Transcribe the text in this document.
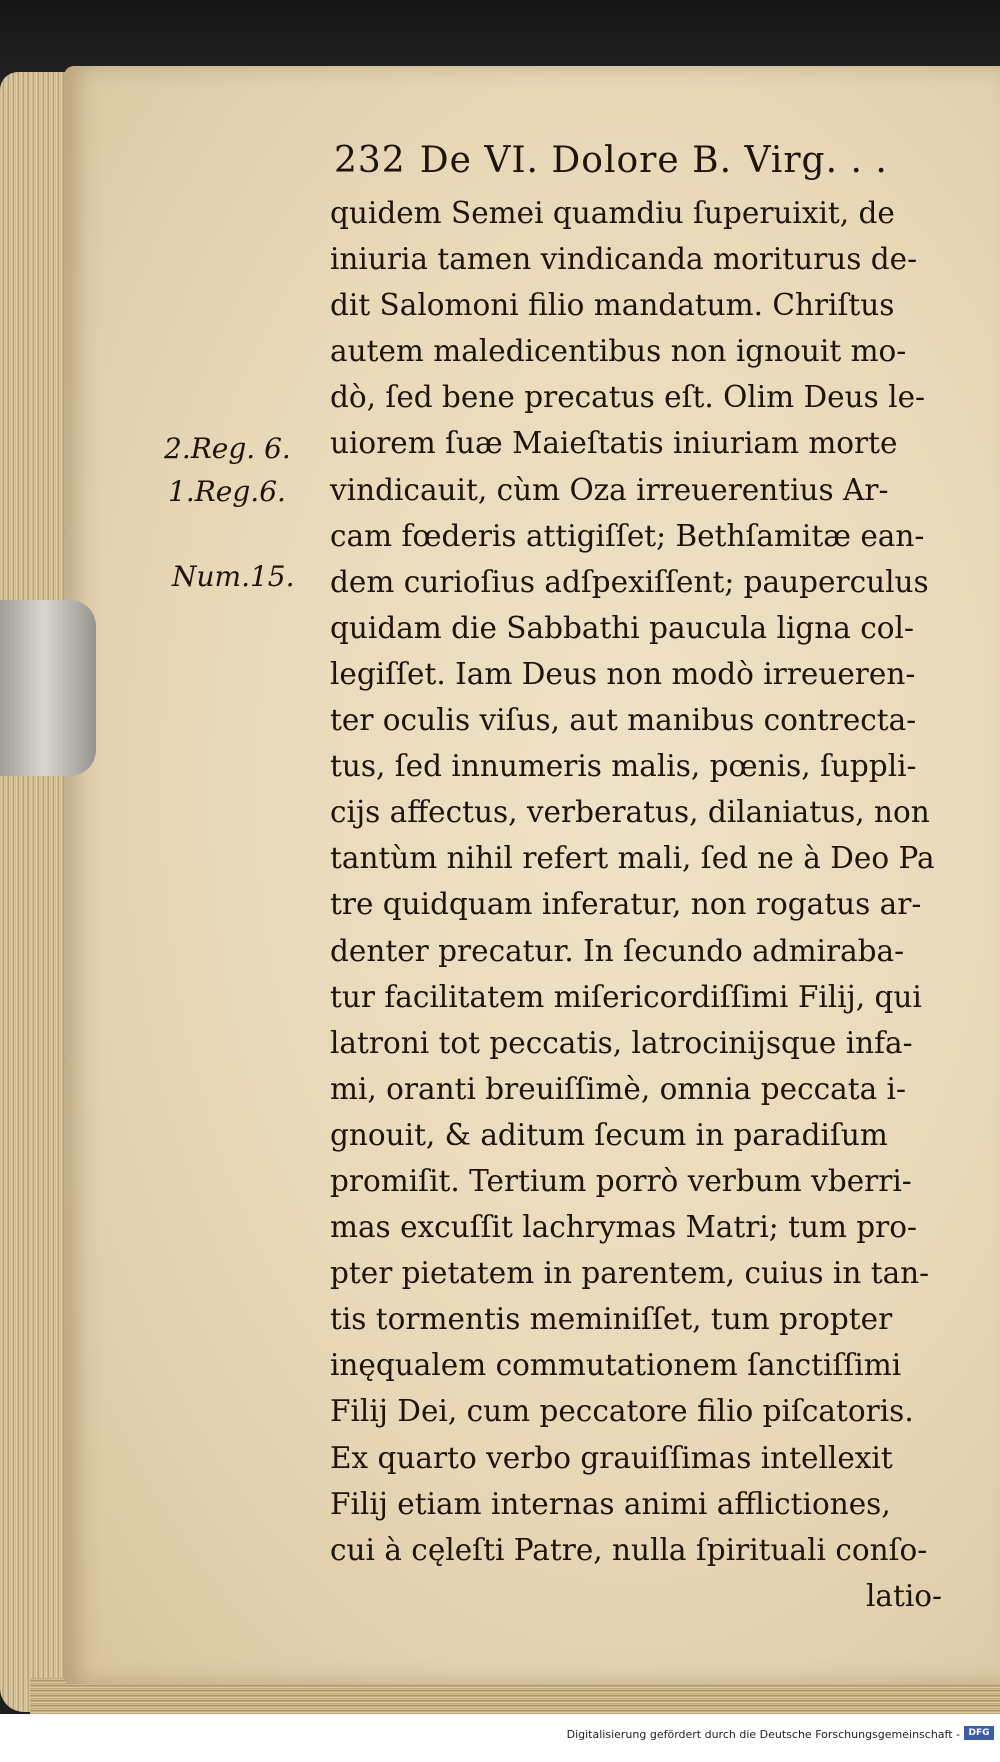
232 De VI. Dolore B. Virg. . .
2.Reg. 6.
1.Reg.6.
Num.15.
quidem Semei quamdiu ſuperuixit, de
iniuria tamen vindicanda moriturus de-
dit Salomoni filio mandatum. Chriſtus
autem maledicentibus non ignouit mo-
dò, ſed bene precatus eſt. Olim Deus le-
uiorem ſuæ Maieſtatis iniuriam morte
vindicauit, cùm Oza irreuerentius Ar-
cam fœderis attigiſſet; Bethſamitæ ean-
dem curioſius adſpexiſſent; pauperculus
quidam die Sabbathi paucula ligna col-
legiſſet. Iam Deus non modò irreueren-
ter oculis viſus, aut manibus contrecta-
tus, ſed innumeris malis, pœnis, ſuppli-
cijs affectus, verberatus, dilaniatus, non
tantùm nihil refert mali, ſed ne à Deo Pa
tre quidquam inferatur, non rogatus ar-
denter precatur. In ſecundo admiraba-
tur facilitatem miſericordiſſimi Filij, qui
latroni tot peccatis, latrocinijsque infa-
mi, oranti breuiſſimè, omnia peccata i-
gnouit, & aditum ſecum in paradiſum
promiſit. Tertium porrò verbum vberri-
mas excuſſit lachrymas Matri; tum pro-
pter pietatem in parentem, cuius in tan-
tis tormentis meminiſſet, tum propter
inęqualem commutationem ſanctiſſimi
Filij Dei, cum peccatore filio piſcatoris.
Ex quarto verbo grauiſſimas intellexit
Filij etiam internas animi afflictiones,
cui à cęleſti Patre, nulla ſpirituali conſo-
latio-
Digitalisierung gefördert durch die Deutsche Forschungsgemeinschaft - DFG
